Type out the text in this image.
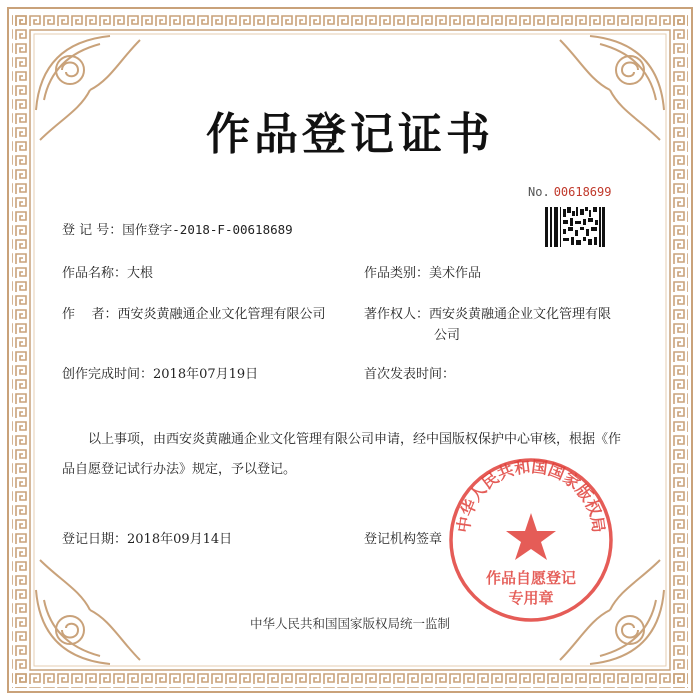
作品登记证书
No. 00618699
登 记 号：国作登字-2018-F-00618689
作品名称：大根	作品类别：美术作品
作    者：西安炎黄融通企业文化管理有限公司	著作权人：西安炎黄融通企业文化管理有限
公司
创作完成时间：2018年07月19日	首次发表时间：
以上事项，由西安炎黄融通企业文化管理有限公司申请，经中国版权保护中心审核，根据《作品自愿登记试行办法》规定，予以登记。
登记日期：2018年09月14日	登记机构签章
中华人民共和国国家版权局
作品自愿登记
专用章
中华人民共和国国家版权局统一监制
